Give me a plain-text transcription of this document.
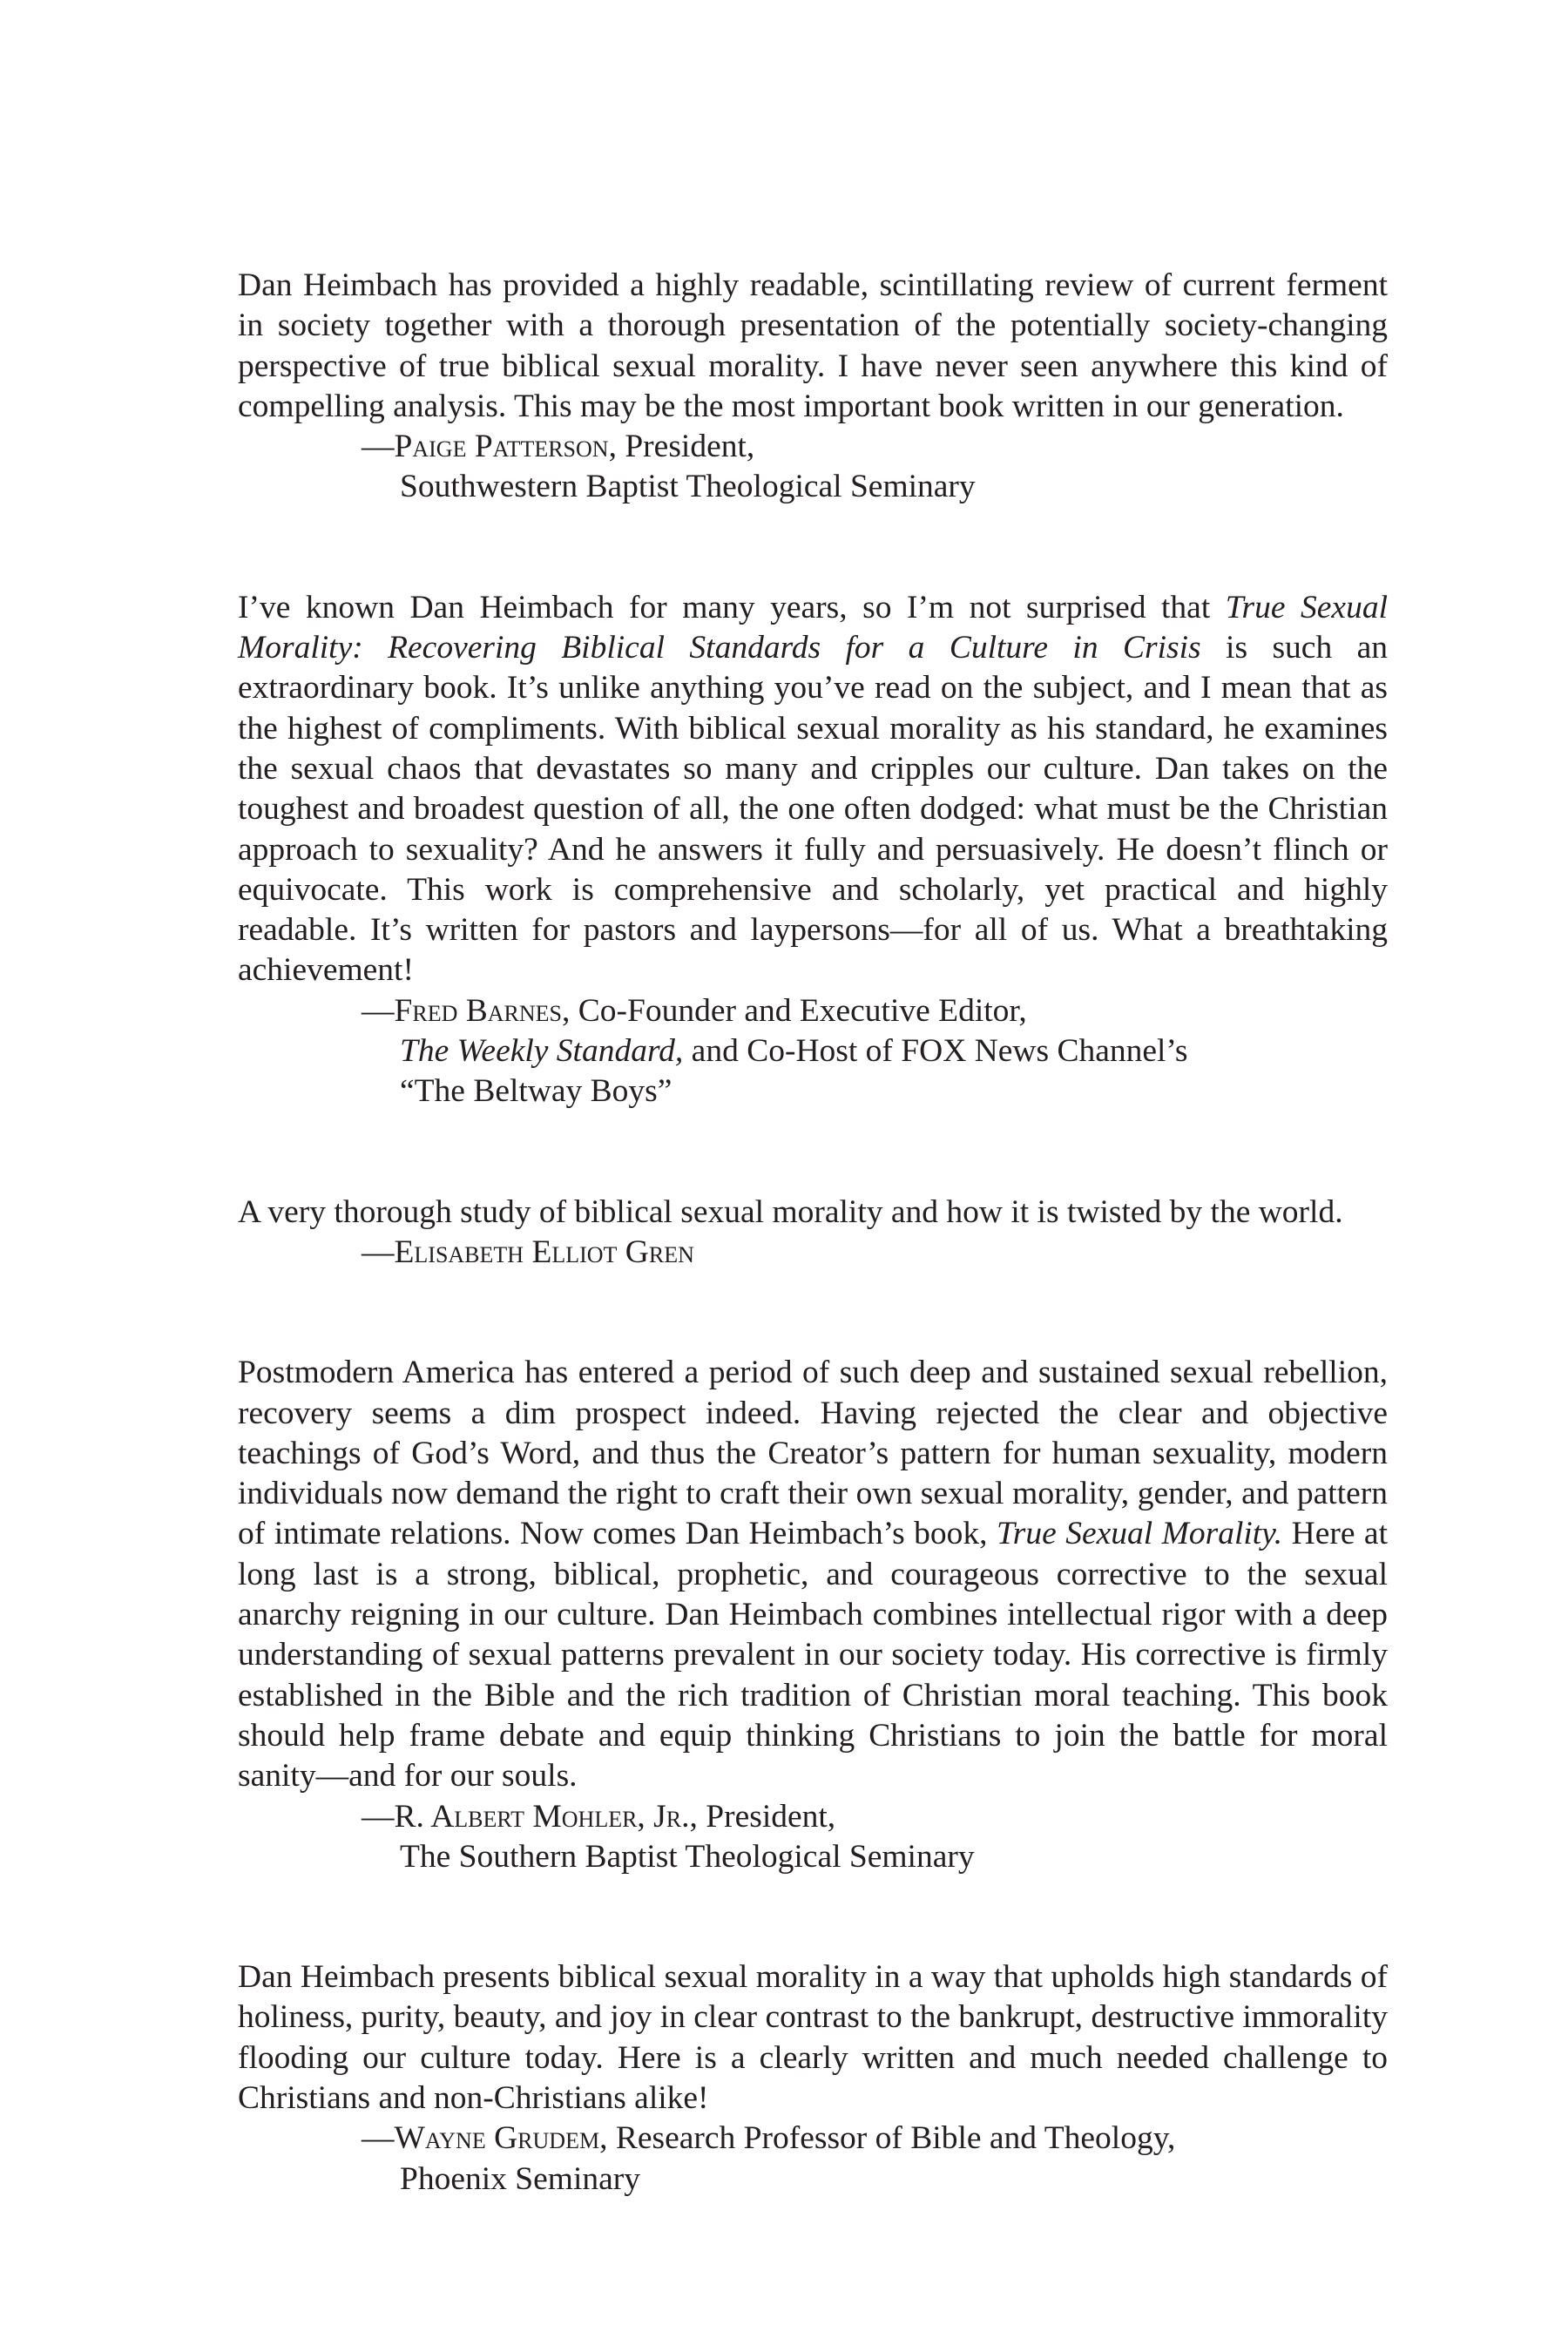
Dan Heimbach has provided a highly readable, scintillating review of current ferment in society together with a thorough presentation of the potentially society-changing perspective of true biblical sexual morality. I have never seen anywhere this kind of compelling analysis. This may be the most important book written in our generation.

—Paige Patterson, President,
Southwestern Baptist Theological Seminary

I’ve known Dan Heimbach for many years, so I’m not surprised that True Sexual Morality: Recovering Biblical Standards for a Culture in Crisis is such an extraordinary book. It’s unlike anything you’ve read on the subject, and I mean that as the highest of compliments. With biblical sexual morality as his standard, he examines the sexual chaos that devastates so many and cripples our culture. Dan takes on the toughest and broadest question of all, the one often dodged: what must be the Christian approach to sexuality? And he answers it fully and persuasively. He doesn’t flinch or equivocate. This work is comprehensive and scholarly, yet practical and highly readable. It’s written for pastors and laypersons—for all of us. What a breathtaking achievement!

—Fred Barnes, Co-Founder and Executive Editor,
The Weekly Standard, and Co-Host of FOX News Channel’s
“The Beltway Boys”

A very thorough study of biblical sexual morality and how it is twisted by the world.

—Elisabeth Elliot Gren

Postmodern America has entered a period of such deep and sustained sexual rebellion, recovery seems a dim prospect indeed. Having rejected the clear and objective teachings of God’s Word, and thus the Creator’s pattern for human sexuality, modern individuals now demand the right to craft their own sexual morality, gender, and pattern of intimate relations. Now comes Dan Heimbach’s book, True Sexual Morality. Here at long last is a strong, biblical, prophetic, and courageous corrective to the sexual anarchy reigning in our culture. Dan Heimbach combines intellectual rigor with a deep understanding of sexual patterns prevalent in our society today. His corrective is firmly established in the Bible and the rich tradition of Christian moral teaching. This book should help frame debate and equip thinking Christians to join the battle for moral sanity—and for our souls.

—R. Albert Mohler, Jr., President,
The Southern Baptist Theological Seminary

Dan Heimbach presents biblical sexual morality in a way that upholds high standards of holiness, purity, beauty, and joy in clear contrast to the bankrupt, destructive immorality flooding our culture today. Here is a clearly written and much needed challenge to Christians and non-Christians alike!

—Wayne Grudem, Research Professor of Bible and Theology,
Phoenix Seminary
